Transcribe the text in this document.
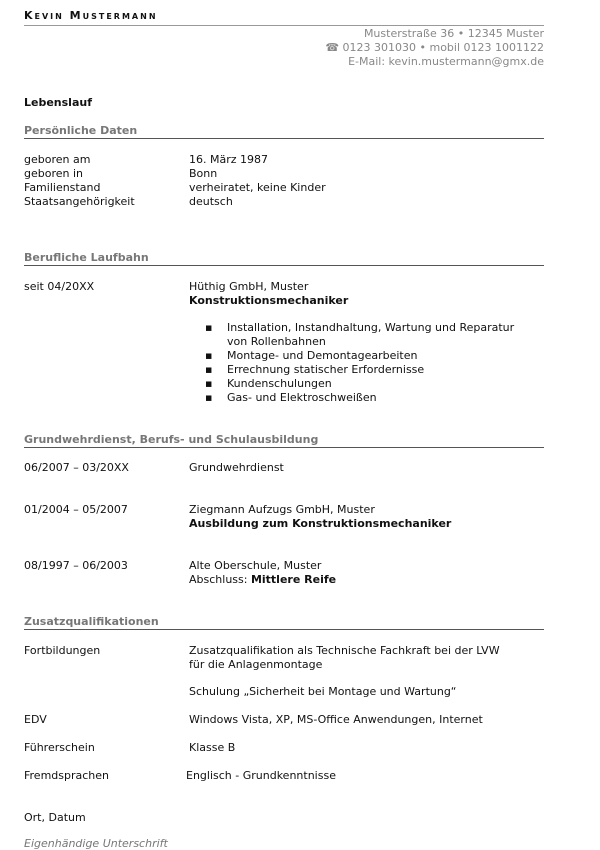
Kevin Mustermann
Musterstraße 36 • 12345 Muster
☎ 0123 301030 • mobil 0123 1001122
E-Mail: kevin.mustermann@gmx.de
Lebenslauf
Persönliche Daten
geboren am	16. März 1987
geboren in	Bonn
Familienstand	verheiratet, keine Kinder
Staatsangehörigkeit	deutsch
Berufliche Laufbahn
seit 04/20XX	Hüthig GmbH, Muster
Konstruktionsmechaniker
▪ Installation, Instandhaltung, Wartung und Reparatur
von Rollenbahnen
▪ Montage- und Demontagearbeiten
▪ Errechnung statischer Erfordernisse
▪ Kundenschulungen
▪ Gas- und Elektroschweißen
Grundwehrdienst, Berufs- und Schulausbildung
06/2007 – 03/20XX	Grundwehrdienst
01/2004 – 05/2007	Ziegmann Aufzugs GmbH, Muster
Ausbildung zum Konstruktionsmechaniker
08/1997 – 06/2003	Alte Oberschule, Muster
Abschluss: Mittlere Reife
Zusatzqualifikationen
Fortbildungen	Zusatzqualifikation als Technische Fachkraft bei der LVW
für die Anlagenmontage
Schulung „Sicherheit bei Montage und Wartung“
EDV	Windows Vista, XP, MS-Office Anwendungen, Internet
Führerschein	Klasse B
Fremdsprachen	Englisch - Grundkenntnisse
Ort, Datum
Eigenhändige Unterschrift
